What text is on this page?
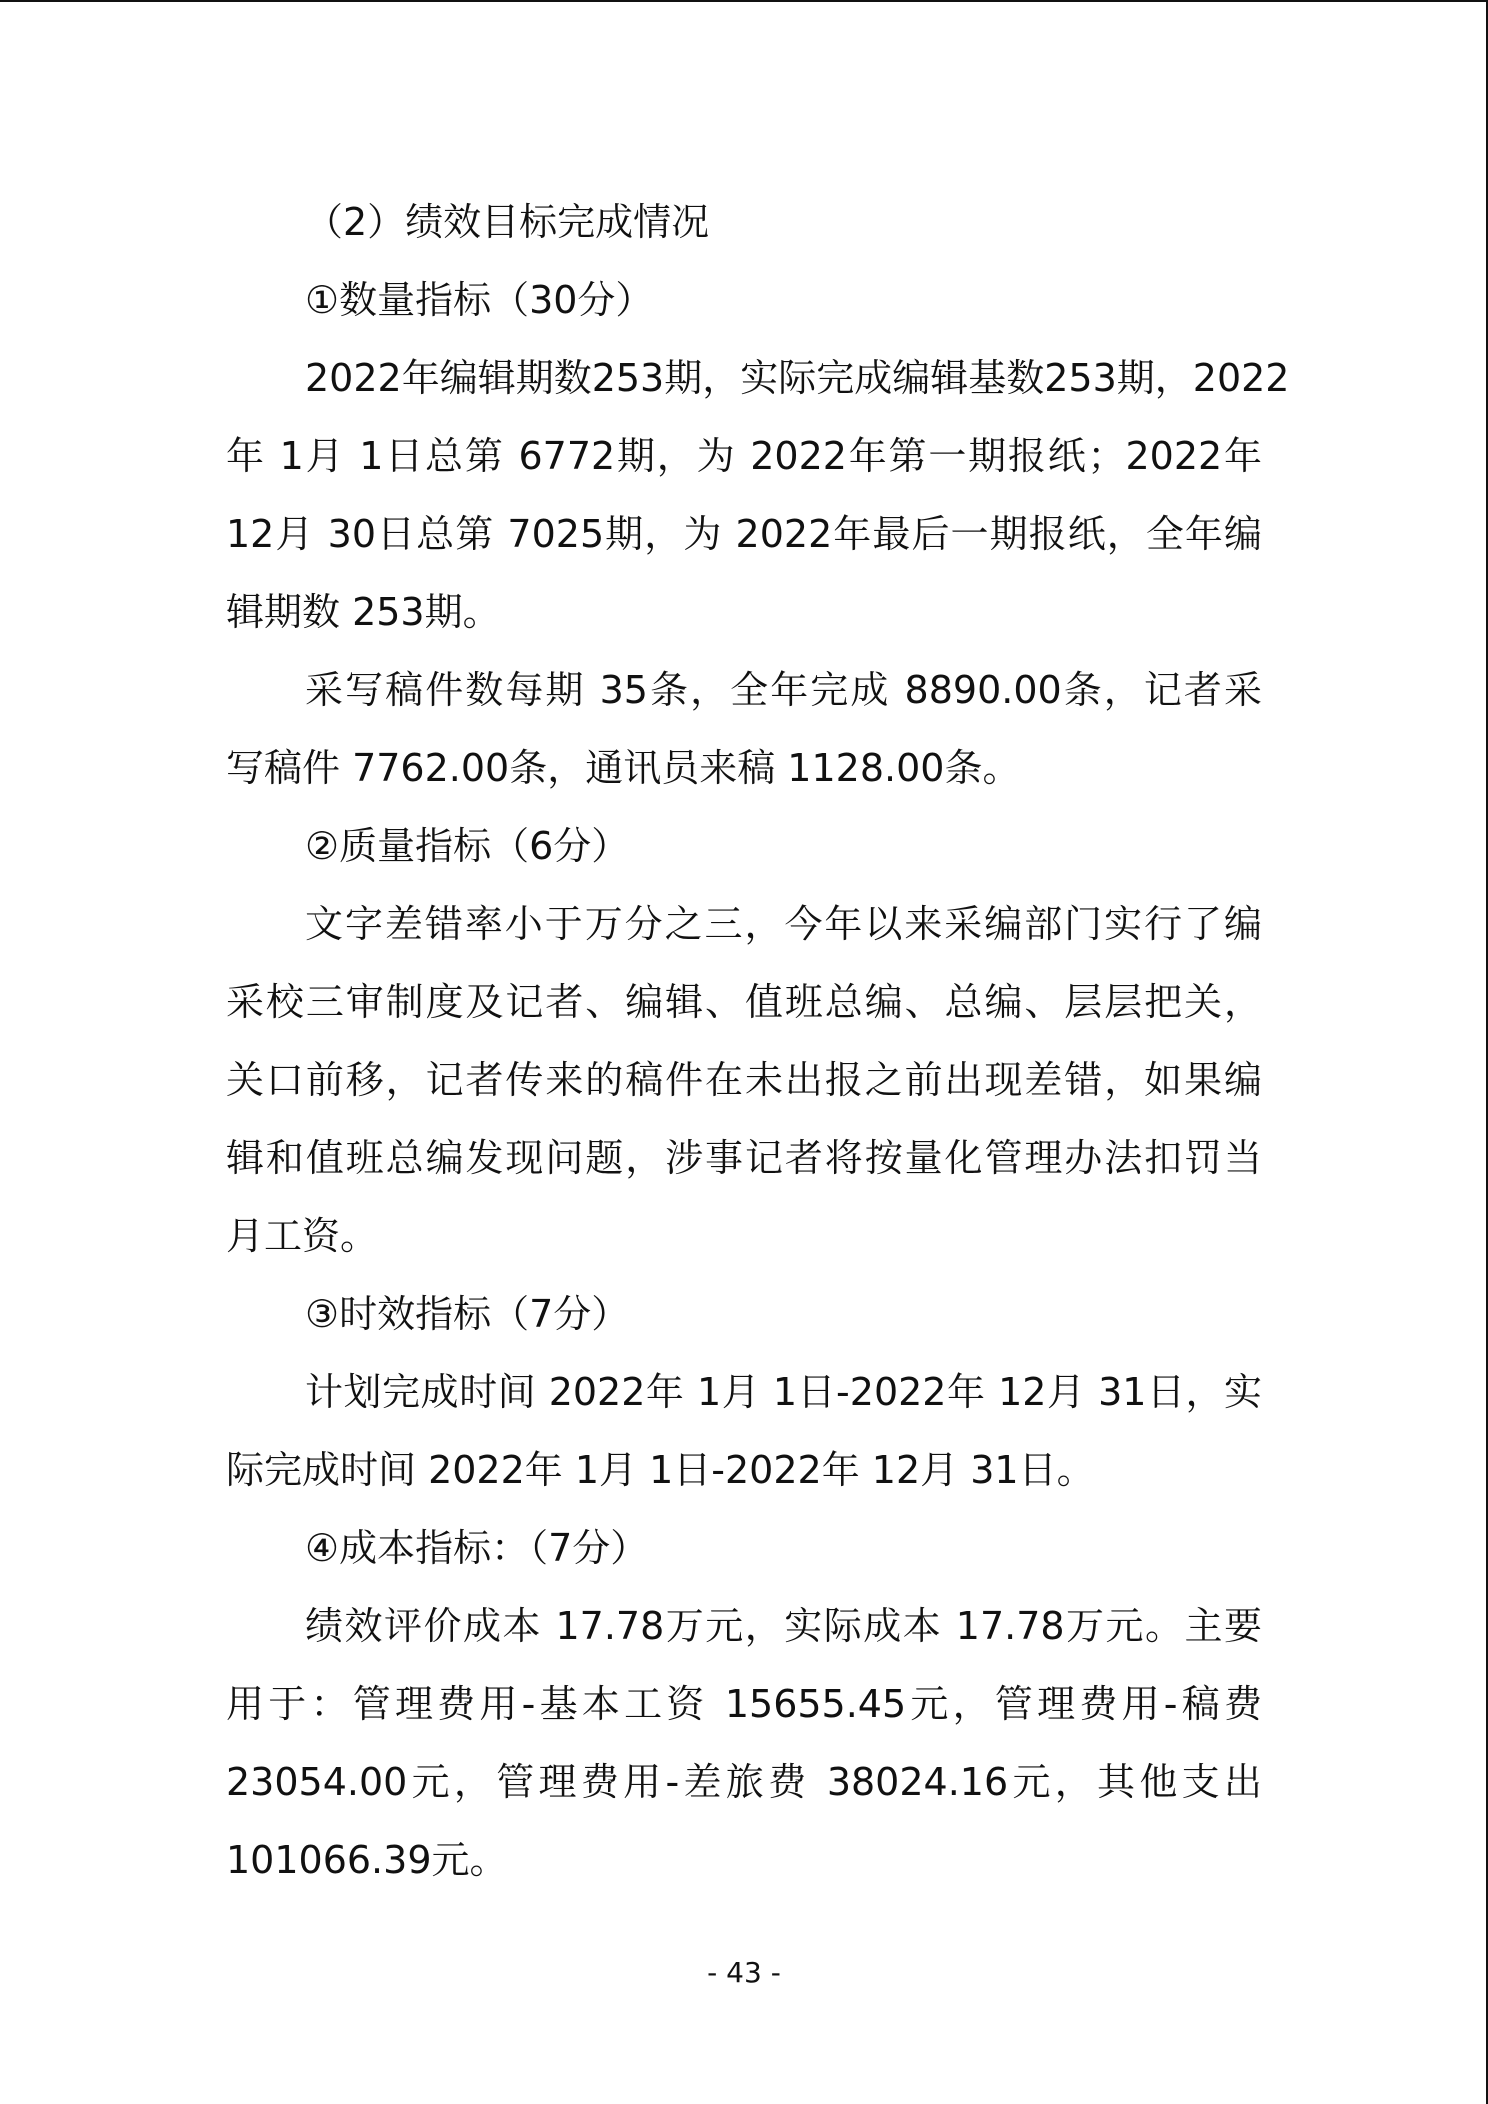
（2）绩效目标完成情况
①数量指标（30分）
2022年编辑期数253期，实际完成编辑基数253期，2022
年 1月 1日总第 6772期，为 2022年第一期报纸；2022年
12月 30日总第 7025期，为 2022年最后一期报纸，全年编
辑期数 253期。
采写稿件数每期 35条，全年完成 8890.00条，记者采
写稿件 7762.00条，通讯员来稿 1128.00条。
②质量指标（6分）
文字差错率小于万分之三，今年以来采编部门实行了编
采校三审制度及记者、编辑、值班总编、总编、层层把关，
关口前移，记者传来的稿件在未出报之前出现差错，如果编
辑和值班总编发现问题，涉事记者将按量化管理办法扣罚当
月工资。
③时效指标（7分）
计划完成时间 2022年 1月 1日-2022年 12月 31日，实
际完成时间 2022年 1月 1日-2022年 12月 31日。
④成本指标：（7分）
绩效评价成本 17.78万元，实际成本 17.78万元。主要
用于：管理费用-基本工资 15655.45元，管理费用-稿费
23054.00元，管理费用-差旅费 38024.16元，其他支出
101066.39元。
- 43 -
